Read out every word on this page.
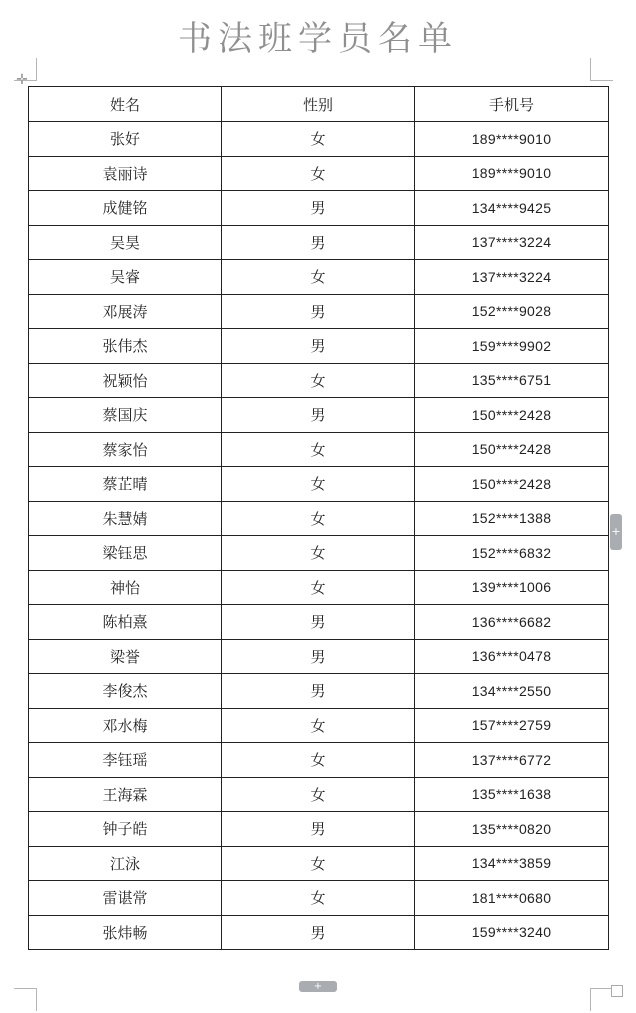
书法班学员名单
✛
姓名	性别	手机号
张好	女	189****9010
袁丽诗	女	189****9010
成健铭	男	134****9425
吴昊	男	137****3224
吴睿	女	137****3224
邓展涛	男	152****9028
张伟杰	男	159****9902
祝颖怡	女	135****6751
蔡国庆	男	150****2428
蔡家怡	女	150****2428
蔡芷晴	女	150****2428
朱慧婧	女	152****1388
梁钰思	女	152****6832
神怡	女	139****1006
陈柏熹	男	136****6682
梁誉	男	136****0478
李俊杰	男	134****2550
邓水梅	女	157****2759
李钰瑶	女	137****6772
王海霖	女	135****1638
钟子皓	男	135****0820
江泳	女	134****3859
雷谌常	女	181****0680
张炜畅	男	159****3240
+
+
